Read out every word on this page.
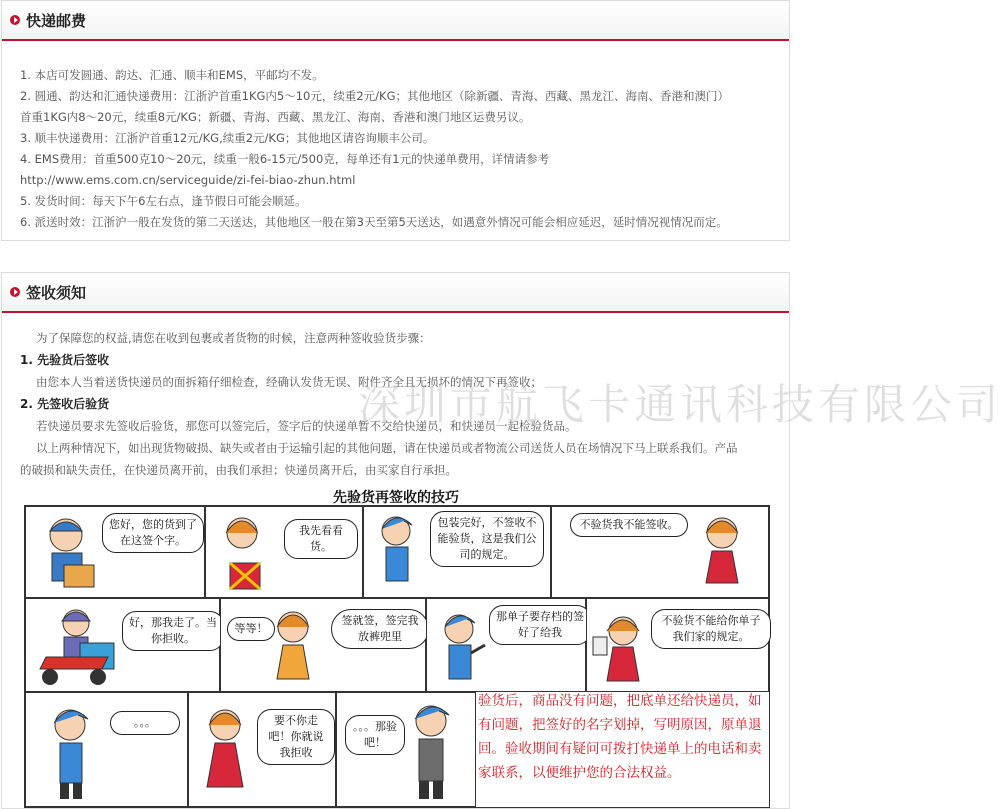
快递邮费

1. 本店可发圆通、韵达、汇通、顺丰和EMS，平邮均不发。

2. 圆通、韵达和汇通快递费用：江浙沪首重1KG内5～10元，续重2元/KG；其他地区（除新疆、青海、西藏、黑龙江、海南、香港和澳门）

首重1KG内8～20元，续重8元/KG；新疆、青海、西藏、黑龙江、海南、香港和澳门地区运费另议。

3. 顺丰快递费用：江浙沪首重12元/KG,续重2元/KG；其他地区请咨询顺丰公司。

4. EMS费用：首重500克10～20元，续重一般6-15元/500克，每单还有1元的快递单费用，详情请参考

http://www.ems.com.cn/serviceguide/zi-fei-biao-zhun.html

5. 发货时间：每天下午6左右点，逢节假日可能会顺延。

6. 派送时效：江浙沪一般在发货的第二天送达，其他地区一般在第3天至第5天送达，如遇意外情况可能会相应延迟，延时情况视情况而定。

签收须知

为了保障您的权益,请您在收到包裹或者货物的时候，注意两种签收验货步骤：

1. 先验货后签收

由您本人当着送货快递员的面拆箱仔细检查，经确认发货无误、附件齐全且无损坏的情况下再签收；

2. 先签收后验货

若快递员要求先签收后验货，那您可以签完后，签字后的快递单暂不交给快递员，和快递员一起检验货品。

以上两种情况下，如出现货物破损、缺失或者由于运输引起的其他问题，请在快递员或者物流公司送货人员在场情况下马上联系我们。产品

的破损和缺失责任，在快递员离开前，由我们承担；快递员离开后，由买家自行承担。

深圳市航飞卡通讯科技有限公司
先验货再签收的技巧
您好，您的货到了在这签个字。
我先看看货。
包装完好，不签收不能验货，这是我们公司的规定。
不验货我不能签收。
好，那我走了。当你拒收。
等等！
签就签，签完我放裤兜里
那单子要存档的签好了给我
不验货不能给你单子我们家的规定。
。。。	要不你走吧！你就说我拒收
。。。那验吧！
验货后，商品没有问题，把底单还给快递员，如有问题，把签好的名字划掉，写明原因，原单退回。验收期间有疑问可拨打快递单上的电话和卖家联系，以便维护您的合法权益。
